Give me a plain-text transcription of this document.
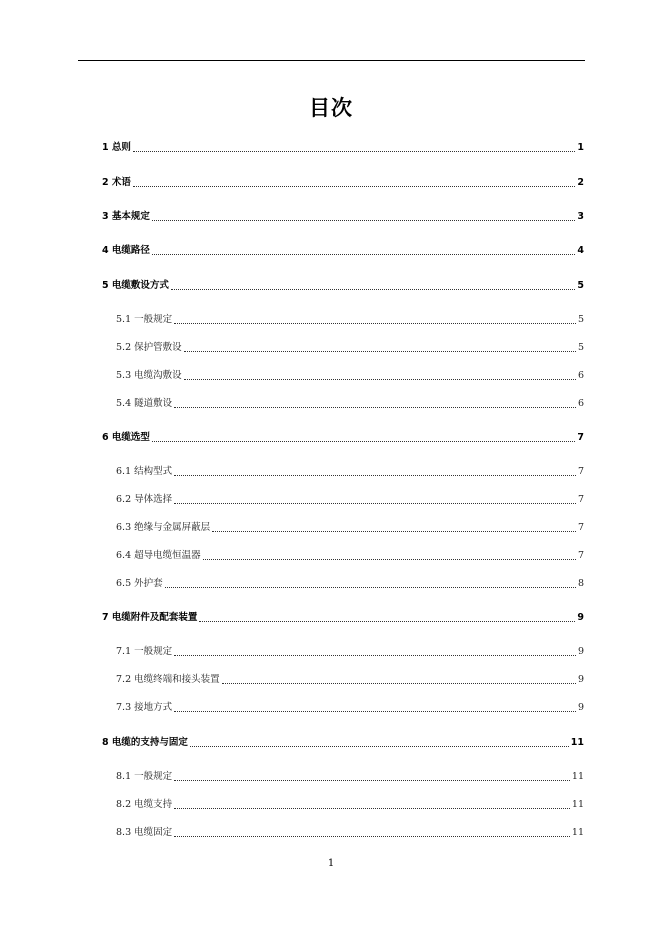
目次
1 总则	1
2 术语	2
3 基本规定	3
4 电缆路径	4
5 电缆敷设方式	5
5.1 一般规定	5
5.2 保护管敷设	5
5.3 电缆沟敷设	6
5.4 隧道敷设	6
6 电缆选型	7
6.1 结构型式	7
6.2 导体选择	7
6.3 绝缘与金属屏蔽层	7
6.4 超导电缆恒温器	7
6.5 外护套	8
7 电缆附件及配套装置	9
7.1 一般规定	9
7.2 电缆终端和接头装置	9
7.3 接地方式	9
8 电缆的支持与固定	11
8.1 一般规定	11
8.2 电缆支持	11
8.3 电缆固定	11
1
